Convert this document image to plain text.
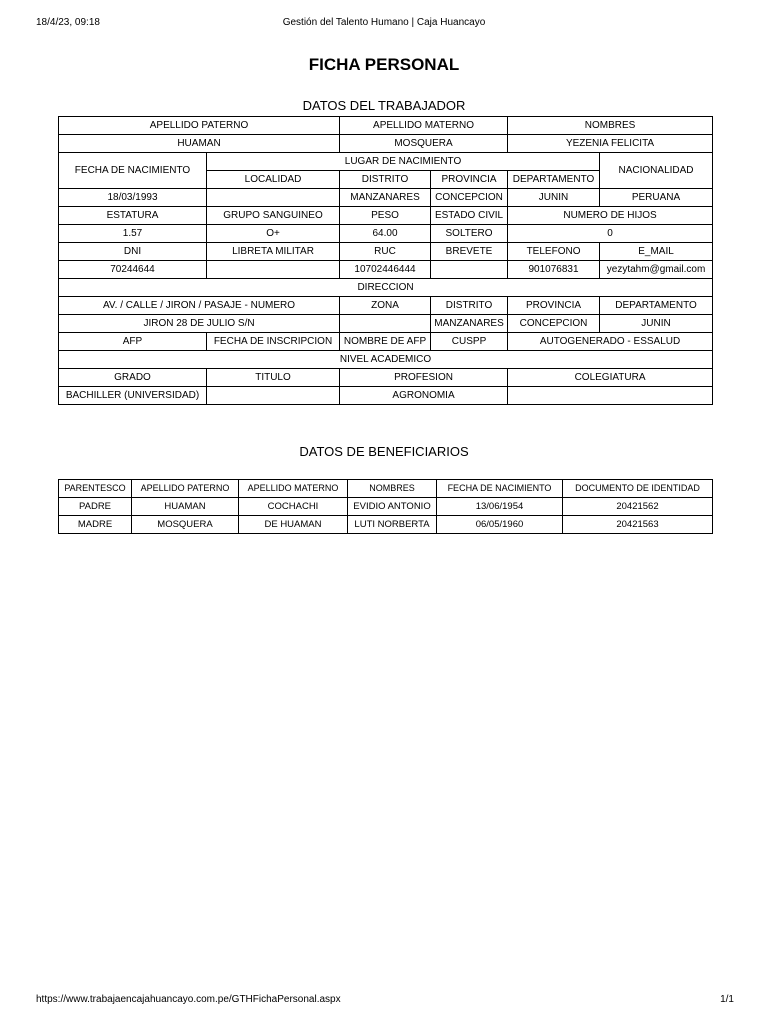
18/4/23, 09:18	Gestión del Talento Humano | Caja Huancayo
FICHA PERSONAL
DATOS DEL TRABAJADOR
APELLIDO PATERNO		APELLIDO MATERNO		NOMBRES	
HUAMAN		MOSQUERA		YEZENIA FELICITA	
FECHA DE NACIMIENTO	LUGAR DE NACIMIENTO				NACIONALIDAD
	LOCALIDAD	DISTRITO	PROVINCIA	DEPARTAMENTO	
18/03/1993		MANZANARES	CONCEPCION	JUNIN	PERUANA
ESTATURA	GRUPO SANGUINEO	PESO	ESTADO CIVIL	NUMERO DE HIJOS	
1.57	O+	64.00	SOLTERO	0	
DNI	LIBRETA MILITAR	RUC	BREVETE	TELEFONO	E_MAIL
70244644		10702446444		901076831	yezytahm@gmail.com
DIRECCION					
AV. / CALLE / JIRON / PASAJE - NUMERO		ZONA	DISTRITO	PROVINCIA	DEPARTAMENTO
JIRON 28 DE JULIO S/N			MANZANARES	CONCEPCION	JUNIN
AFP	FECHA DE INSCRIPCION	NOMBRE DE AFP	CUSPP	AUTOGENERADO - ESSALUD	
NIVEL ACADEMICO					
GRADO	TITULO	PROFESION		COLEGIATURA	
BACHILLER (UNIVERSIDAD)		AGRONOMIA			
DATOS DE BENEFICIARIOS
PARENTESCO	APELLIDO PATERNO	APELLIDO MATERNO	NOMBRES	FECHA DE NACIMIENTO	DOCUMENTO DE IDENTIDAD
PADRE	HUAMAN	COCHACHI	EVIDIO ANTONIO	13/06/1954	20421562
MADRE	MOSQUERA	DE HUAMAN	LUTI NORBERTA	06/05/1960	20421563
https://www.trabajaencajahuancayo.com.pe/GTHFichaPersonal.aspx	1/1
